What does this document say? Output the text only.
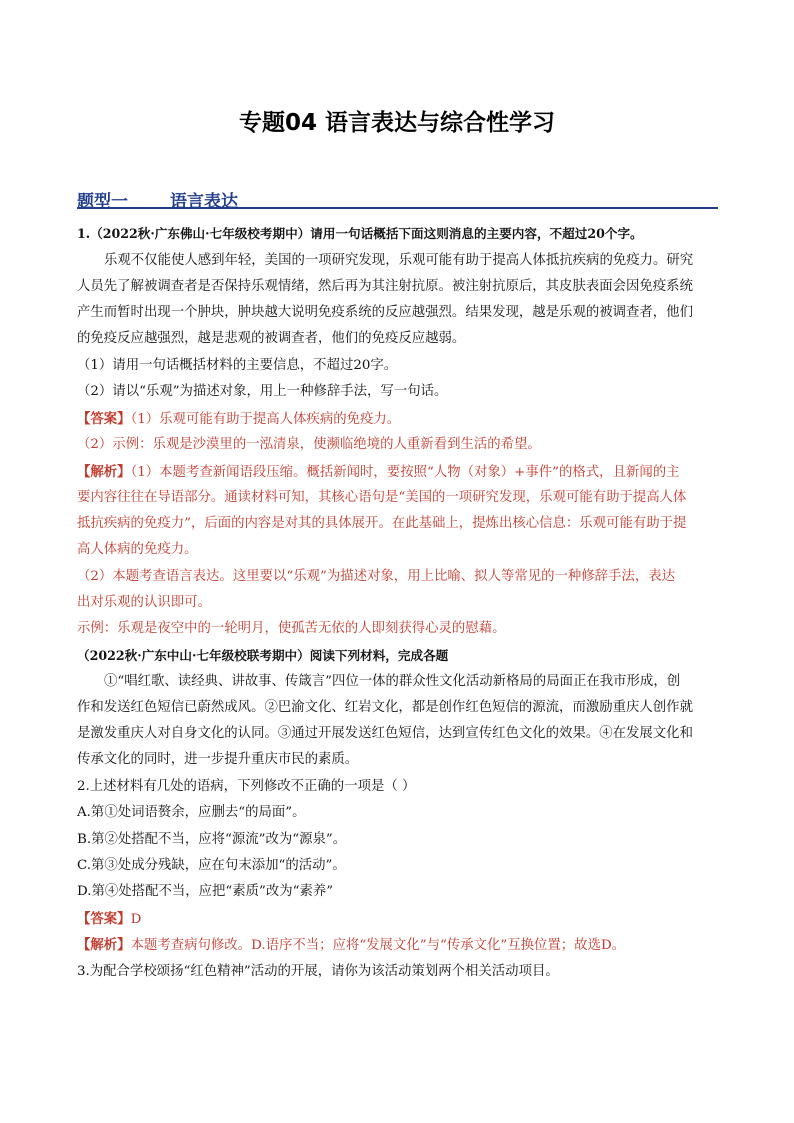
专题04 语言表达与综合性学习
题型一 语言表达
1.（2022秋·广东佛山·七年级校考期中）请用一句话概括下面这则消息的主要内容，不超过20个字。
乐观不仅能使人感到年轻，美国的一项研究发现，乐观可能有助于提高人体抵抗疾病的免疫力。研究
人员先了解被调查者是否保持乐观情绪，然后再为其注射抗原。被注射抗原后，其皮肤表面会因免疫系统
产生而暂时出现一个肿块，肿块越大说明免疫系统的反应越强烈。结果发现，越是乐观的被调查者，他们
的免疫反应越强烈，越是悲观的被调查者，他们的免疫反应越弱。
（1）请用一句话概括材料的主要信息，不超过20字。
（2）请以“乐观”为描述对象，用上一种修辞手法，写一句话。
【答案】（1）乐观可能有助于提高人体疾病的免疫力。
（2）示例：乐观是沙漠里的一泓清泉，使濒临绝境的人重新看到生活的希望。
【解析】（1）本题考查新闻语段压缩。概括新闻时，要按照“人物（对象）+事件”的格式，且新闻的主
要内容往往在导语部分。通读材料可知，其核心语句是“美国的一项研究发现，乐观可能有助于提高人体
抵抗疾病的免疫力”，后面的内容是对其的具体展开。在此基础上，提炼出核心信息：乐观可能有助于提
高人体病的免疫力。
（2）本题考查语言表达。这里要以“乐观”为描述对象，用上比喻、拟人等常见的一种修辞手法，表达
出对乐观的认识即可。
示例：乐观是夜空中的一轮明月，使孤苦无依的人即刻获得心灵的慰藉。
（2022秋·广东中山·七年级校联考期中）阅读下列材料，完成各题
①“唱红歌、读经典、讲故事、传箴言”四位一体的群众性文化活动新格局的局面正在我市形成，创
作和发送红色短信已蔚然成风。②巴渝文化、红岩文化，都是创作红色短信的源流，而激励重庆人创作就
是激发重庆人对自身文化的认同。③通过开展发送红色短信，达到宣传红色文化的效果。④在发展文化和
传承文化的同时，进一步提升重庆市民的素质。
2.上述材料有几处的语病，下列修改不正确的一项是（ ）
A.第①处词语赘余，应删去“的局面”。
B.第②处搭配不当，应将“源流”改为“源泉”。
C.第③处成分残缺，应在句末添加“的活动”。
D.第④处搭配不当，应把“素质”改为“素养”
【答案】D
【解析】本题考查病句修改。D.语序不当；应将“发展文化”与“传承文化”互换位置；故选D。
3.为配合学校颂扬“红色精神”活动的开展，请你为该活动策划两个相关活动项目。
